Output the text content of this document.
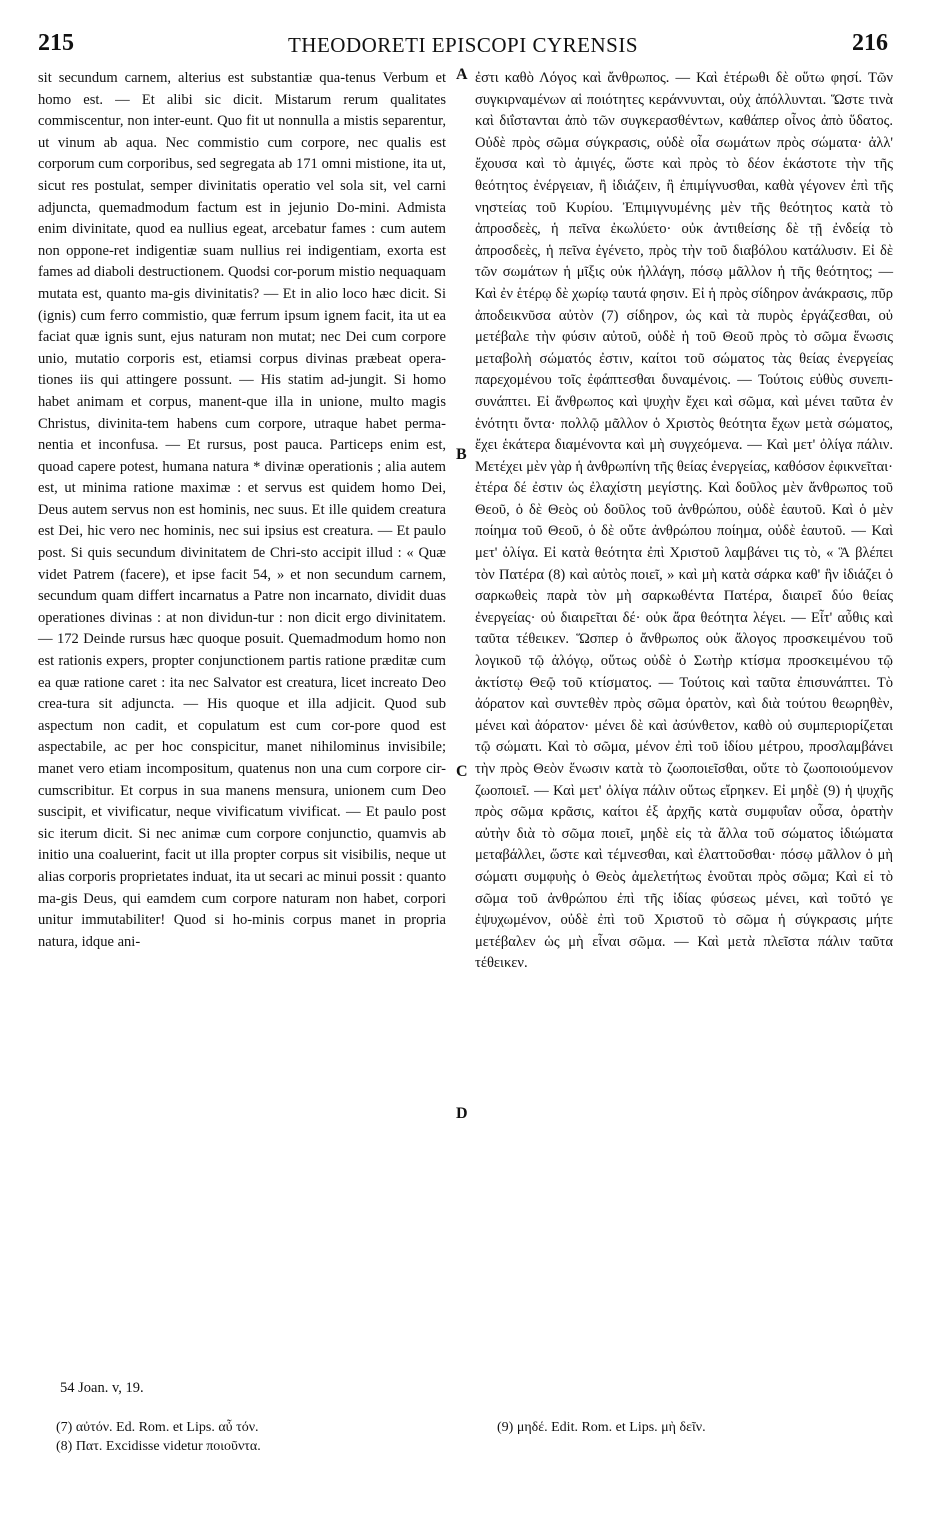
215	THEODORETI EPISCOPI CYRENSIS	216

sit secundum carnem, alterius est substantiæ qua-tenus Verbum et homo est. — Et alibi sic dicit. Mistarum rerum qualitates commiscentur, non inter-eunt. Quo fit ut nonnulla a mistis separentur, ut vinum ab aqua. Nec commistio cum corpore, nec qualis est corporum cum corporibus, sed segregata ab 171 omni mistione, ita ut, sicut res postulat, semper divinitatis operatio vel sola sit, vel carni adjuncta, quemadmodum factum est in jejunio Do-mini. Admista enim divinitate, quod ea nullius egeat, arcebatur fames : cum autem non oppone-ret indigentiæ suam nullius rei indigentiam, exorta est fames ad diaboli destructionem. Quodsi cor-porum mistio nequaquam mutata est, quanto ma-gis divinitatis? — Et in alio loco hæc dicit. Si (ignis) cum ferro commistio, quæ ferrum ipsum ignem facit, ita ut ea faciat quæ ignis sunt, ejus naturam non mutat; nec Dei cum corpore unio, mutatio corporis est, etiamsi corpus divinas præbeat opera-tiones iis qui attingere possunt. — His statim ad-jungit. Si homo habet animam et corpus, manent-que illa in unione, multo magis Christus, divinita-tem habens cum corpore, utraque habet perma-nentia et inconfusa. — Et rursus, post pauca. Particeps enim est, quoad capere potest, humana natura * divinæ operationis ; alia autem est, ut minima ratione maximæ : et servus est quidem homo Dei, Deus autem servus non est hominis, nec suus. Et ille quidem creatura est Dei, hic vero nec hominis, nec sui ipsius est creatura. — Et paulo post. Si quis secundum divinitatem de Chri-sto accipit illud : « Quæ videt Patrem (facere), et ipse facit 54, » et non secundum carnem, secundum quam differt incarnatus a Patre non incarnato, dividit duas operationes divinas : at non dividun-tur : non dicit ergo divinitatem. — 172 Deinde rursus hæc quoque posuit. Quemadmodum homo non est rationis expers, propter conjunctionem partis ratione præditæ cum ea quæ ratione caret : ita nec Salvator est creatura, licet increato Deo crea-tura sit adjuncta. — His quoque et illa adjicit. Quod sub aspectum non cadit, et copulatum est cum cor-pore quod est aspectabile, ac per hoc conspicitur, manet nihilominus invisibile; manet vero etiam incompositum, quatenus non una cum corpore cir-cumscribitur. Et corpus in sua manens mensura, unionem cum Deo suscipit, et vivificatur, neque vivificatum vivificat. — Et paulo post sic iterum dicit. Si nec animæ cum corpore conjunctio, quamvis ab initio una coaluerint, facit ut illa propter corpus sit visibilis, neque ut alias corporis proprietates induat, ita ut secari ac minui possit : quanto ma-gis Deus, qui eamdem cum corpore naturam non habet, corpori unitur immutabiliter! Quod si ho-minis corpus manet in propria natura, idque ani-

A
B
C
D

ἐστι καθὸ Λόγος καὶ ἄνθρωπος. — Καὶ ἑτέρωθι δὲ οὕτω φησί. Τῶν συγκιρναμένων αἱ ποιότητες κεράννυνται, οὐχ ἀπόλλυνται. Ὥστε τινὰ καὶ διΐστανται ἀπὸ τῶν συγκερασθέντων, καθάπερ οἶνος ἀπὸ ὕδατος. Οὐδὲ πρὸς σῶμα σύγκρασις, οὐδὲ οἷα σωμάτων πρὸς σώματα· ἀλλ' ἔχουσα καὶ τὸ ἀμιγές, ὥστε καὶ πρὸς τὸ δέον ἑκάστοτε τὴν τῆς θεότητος ἐνέργειαν, ἢ ἰδιάζειν, ἢ ἐπιμίγνυσθαι, καθὰ γέγονεν ἐπὶ τῆς νηστείας τοῦ Κυρίου. Ἐπιμιγνυμένης μὲν τῆς θεότητος κατὰ τὸ ἀπροσδεὲς, ἡ πεῖνα ἐκωλύετο· οὐκ ἀντιθείσης δὲ τῇ ἐνδείᾳ τὸ ἀπροσδεὲς, ἡ πεῖνα ἐγένετο, πρὸς τὴν τοῦ διαβόλου κατάλυσιν. Εἰ δὲ τῶν σωμάτων ἡ μῖξις οὐκ ἠλλάγη, πόσῳ μᾶλλον ἡ τῆς θεότητος; — Καὶ ἐν ἑτέρῳ δὲ χωρίῳ ταυτά φησιν. Εἰ ἡ πρὸς σίδηρον ἀνάκρασις, πῦρ ἀποδεικνῦσα αὐτὸν (7) σίδηρον, ὡς καὶ τὰ πυρὸς ἐργάζεσθαι, οὐ μετέβαλε τὴν φύσιν αὐτοῦ, οὐδὲ ἡ τοῦ Θεοῦ πρὸς τὸ σῶμα ἕνωσις μεταβολὴ σώματός ἐστιν, καίτοι τοῦ σώματος τὰς θείας ἐνεργείας παρεχομένου τοῖς ἐφάπτεσθαι δυναμένοις. — Τούτοις εὐθὺς συνεπι-συνάπτει. Εἰ ἄνθρωπος καὶ ψυχὴν ἔχει καὶ σῶμα, καὶ μένει ταῦτα ἐν ἑνότητι ὄντα· πολλῷ μᾶλλον ὁ Χριστὸς θεότητα ἔχων μετὰ σώματος, ἔχει ἑκάτερα διαμένοντα καὶ μὴ συγχεόμενα. — Καὶ μετ' ὀλίγα πάλιν. Μετέχει μὲν γὰρ ἡ ἀνθρωπίνη τῆς θείας ἐνεργείας, καθόσον ἐφικνεῖται· ἑτέρα δέ ἐστιν ὡς ἐλαχίστη μεγίστης. Καὶ δοῦλος μὲν ἄνθρωπος τοῦ Θεοῦ, ὁ δὲ Θεὸς οὐ δοῦλος τοῦ ἀνθρώπου, οὐδὲ ἑαυτοῦ. Καὶ ὁ μὲν ποίημα τοῦ Θεοῦ, ὁ δὲ οὔτε ἀνθρώπου ποίημα, οὐδὲ ἑαυτοῦ. — Καὶ μετ' ὀλίγα. Εἰ κατὰ θεότητα ἐπὶ Χριστοῦ λαμβάνει τις τὸ, « Ἃ βλέπει τὸν Πατέρα (8) καὶ αὐτὸς ποιεῖ, » καὶ μὴ κατὰ σάρκα καθ' ἣν ἰδιάζει ὁ σαρκωθεὶς παρὰ τὸν μὴ σαρκωθέντα Πατέρα, διαιρεῖ δύο θείας ἐνεργείας· οὐ διαιρεῖται δέ· οὐκ ἄρα θεότητα λέγει. — Εἶτ' αὖθις καὶ ταῦτα τέθεικεν. Ὥσπερ ὁ ἄνθρωπος οὐκ ἄλογος προσκειμένου τοῦ λογικοῦ τῷ ἀλόγῳ, οὕτως οὐδὲ ὁ Σωτὴρ κτίσμα προσκειμένου τῷ ἀκτίστῳ Θεῷ τοῦ κτίσματος. — Τούτοις καὶ ταῦτα ἐπισυνάπτει. Τὸ ἀόρατον καὶ συντεθὲν πρὸς σῶμα ὁρατὸν, καὶ διὰ τούτου θεωρηθὲν, μένει καὶ ἀόρατον· μένει δὲ καὶ ἀσύνθετον, καθὸ οὐ συμπεριορίζεται τῷ σώματι. Καὶ τὸ σῶμα, μένον ἐπὶ τοῦ ἰδίου μέτρου, προσλαμβάνει τὴν πρὸς Θεὸν ἕνωσιν κατὰ τὸ ζωοποιεῖσθαι, οὔτε τὸ ζωοποιούμενον ζωοποιεῖ. — Καὶ μετ' ὀλίγα πάλιν οὕτως εἴρηκεν. Εἰ μηδὲ (9) ἡ ψυχῆς πρὸς σῶμα κρᾶσις, καίτοι ἐξ ἀρχῆς κατὰ συμφυΐαν οὖσα, ὁρατὴν αὐτὴν διὰ τὸ σῶμα ποιεῖ, μηδὲ εἰς τὰ ἄλλα τοῦ σώματος ἰδιώματα μεταβάλλει, ὥστε καὶ τέμνεσθαι, καὶ ἐλαττοῦσθαι· πόσῳ μᾶλλον ὁ μὴ σώματι συμφυὴς ὁ Θεὸς ἀμελετήτως ἑνοῦται πρὸς σῶμα; Καὶ εἰ τὸ σῶμα τοῦ ἀνθρώπου ἐπὶ τῆς ἰδίας φύσεως μένει, καὶ τοῦτό γε ἐψυχωμένον, οὐδὲ ἐπὶ τοῦ Χριστοῦ τὸ σῶμα ἡ σύγκρασις μήτε μετέβαλεν ὡς μὴ εἶναι σῶμα. — Καὶ μετὰ πλεῖστα πάλιν ταῦτα τέθεικεν.

54 Joan. v, 19.
(7) αὐτόν. Ed. Rom. et Lips. αὖ τόν.
(8) Πατ. Excidisse videtur ποιοῦντα.
(9) μηδέ. Edit. Rom. et Lips. μὴ δεῖν.
